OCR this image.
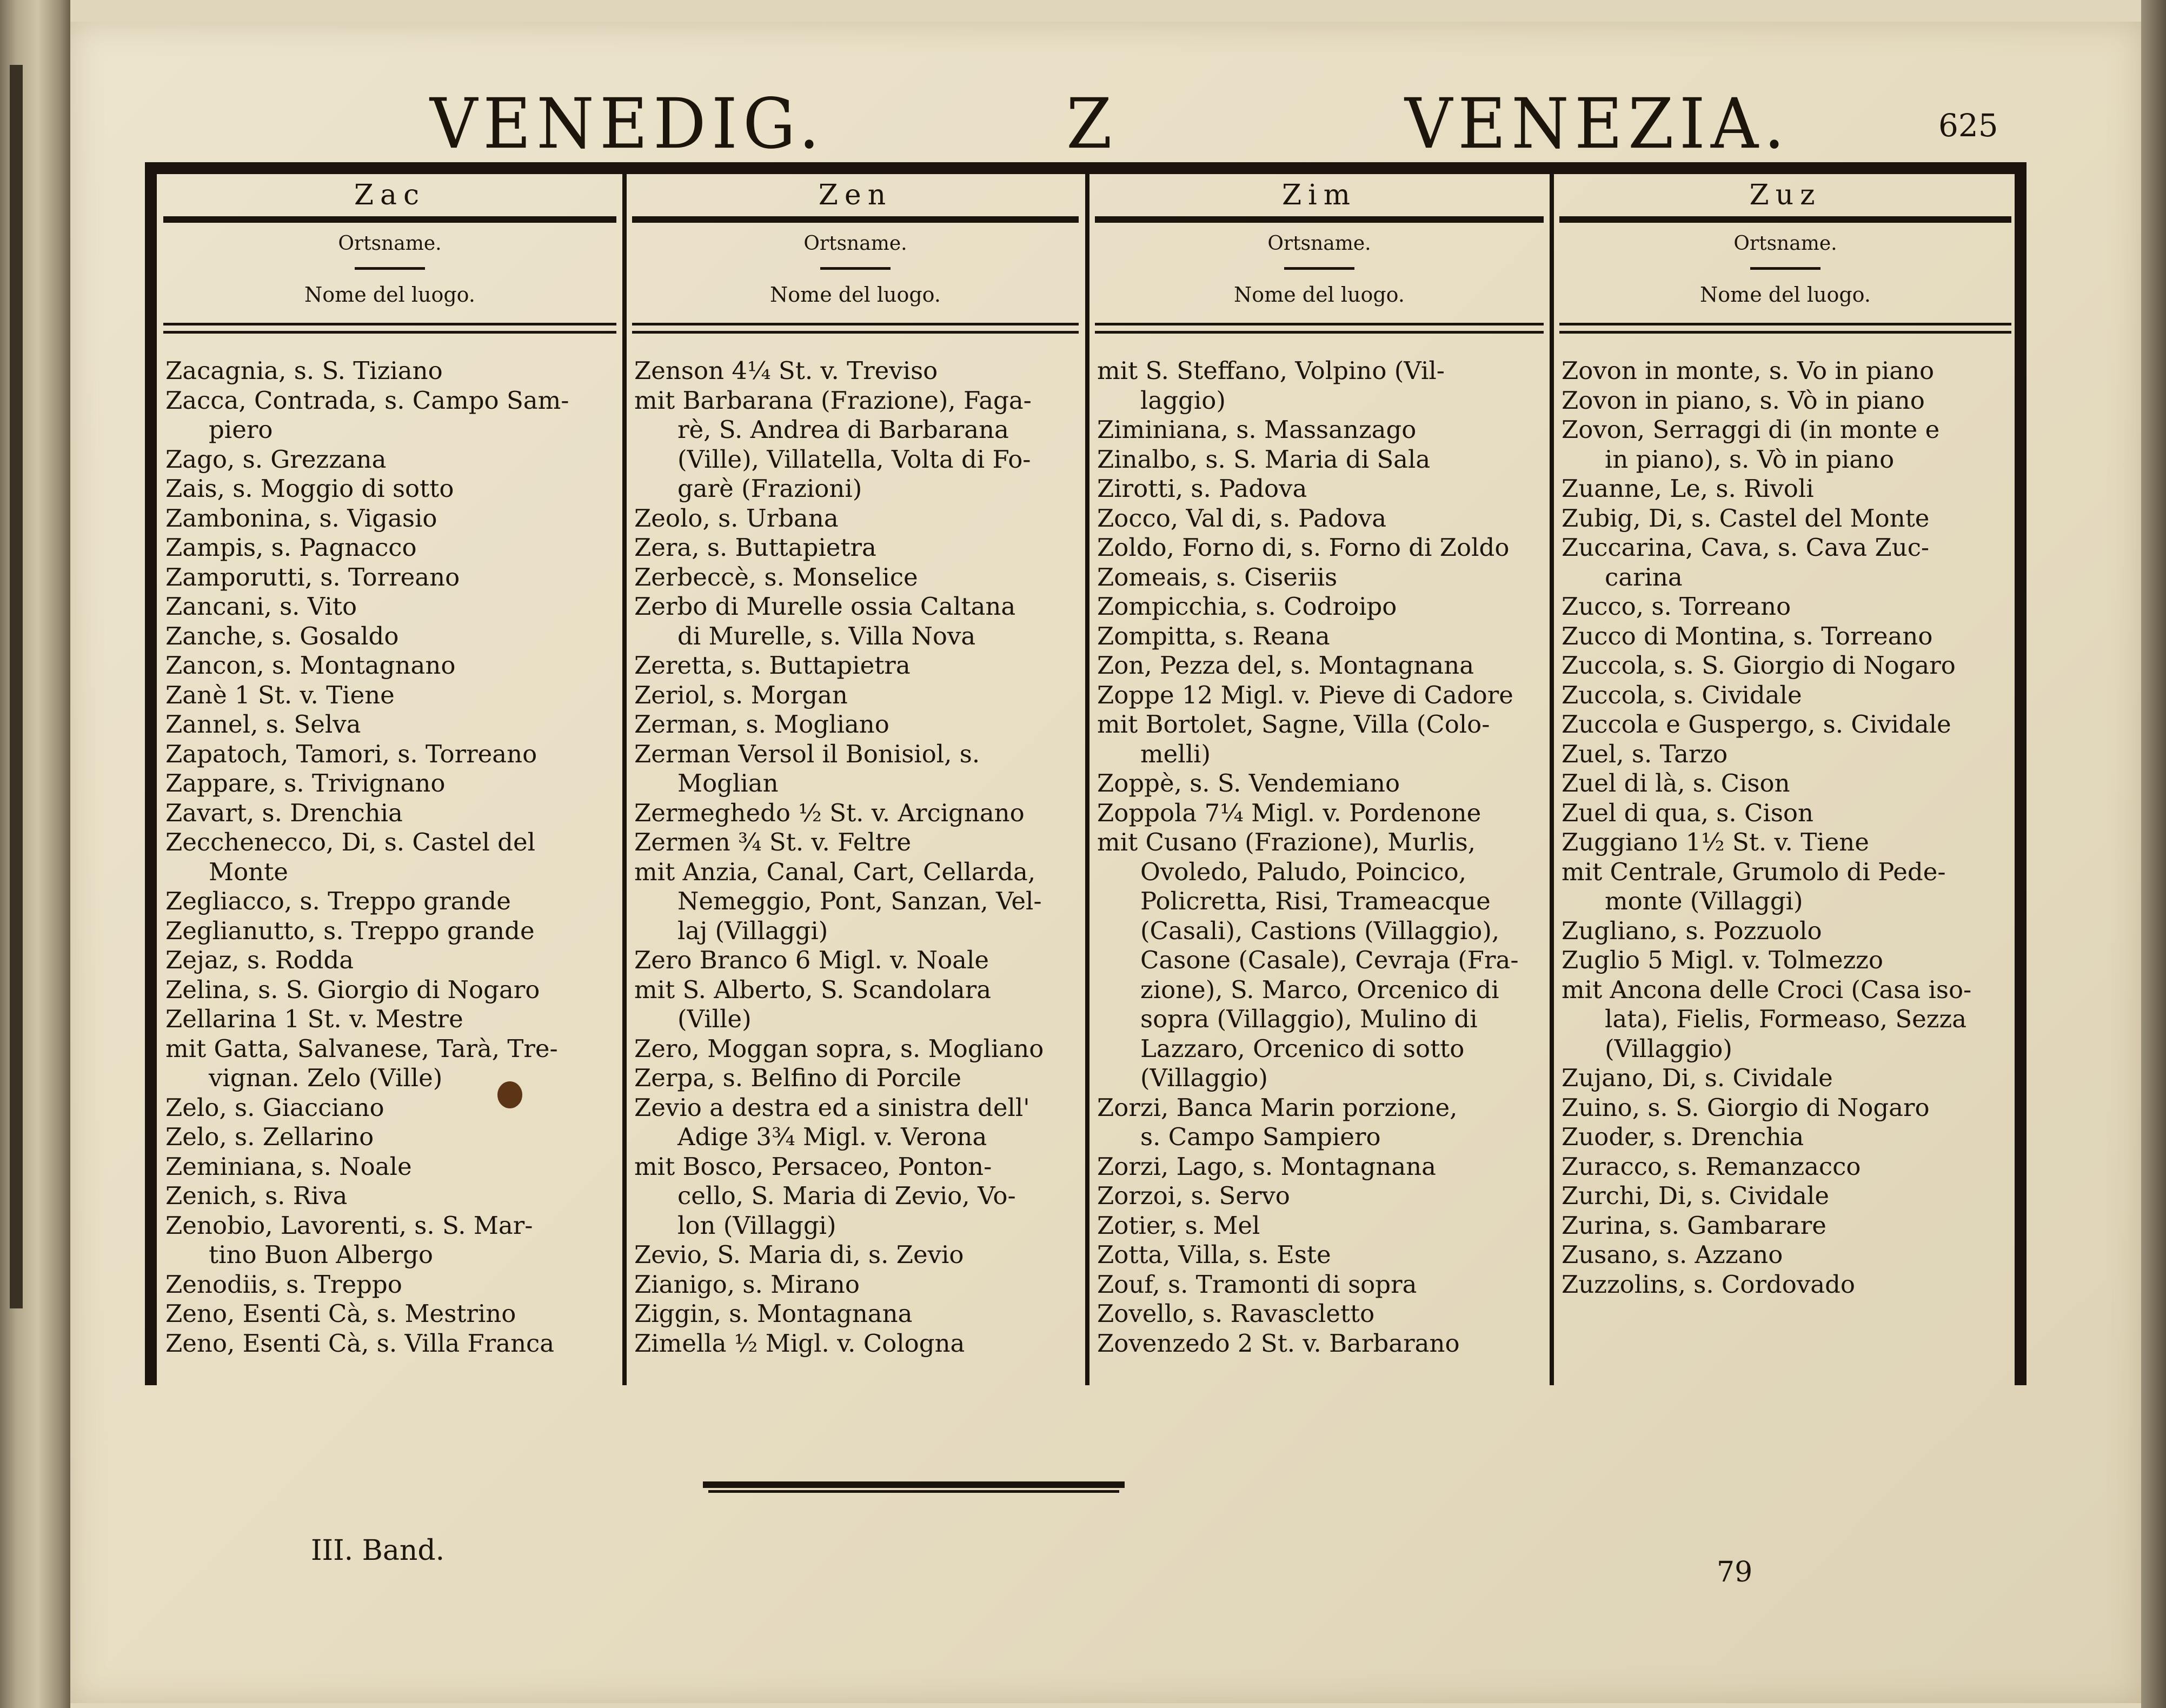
VENEDIG.	Z	VENEZIA.	625
Zac
Ortsname.
Nome del luogo.
Zacagnia, s. S. Tiziano
Zacca, Contrada, s. Campo Sam-
piero
Zago, s. Grezzana
Zais, s. Moggio di sotto
Zambonina, s. Vigasio
Zampis, s. Pagnacco
Zamporutti, s. Torreano
Zancani, s. Vito
Zanche, s. Gosaldo
Zancon, s. Montagnano
Zanè 1 St. v. Tiene
Zannel, s. Selva
Zapatoch, Tamori, s. Torreano
Zappare, s. Trivignano
Zavart, s. Drenchia
Zecchenecco, Di, s. Castel del
Monte
Zegliacco, s. Treppo grande
Zeglianutto, s. Treppo grande
Zejaz, s. Rodda
Zelina, s. S. Giorgio di Nogaro
Zellarina 1 St. v. Mestre
mit Gatta, Salvanese, Tarà, Tre-
vignan. Zelo (Ville)
Zelo, s. Giacciano
Zelo, s. Zellarino
Zeminiana, s. Noale
Zenich, s. Riva
Zenobio, Lavorenti, s. S. Mar-
tino Buon Albergo
Zenodiis, s. Treppo
Zeno, Esenti Cà, s. Mestrino
Zeno, Esenti Cà, s. Villa Franca
Zen
Ortsname.
Nome del luogo.
Zenson 4¼ St. v. Treviso
mit Barbarana (Frazione), Faga-
rè, S. Andrea di Barbarana
(Ville), Villatella, Volta di Fo-
garè (Frazioni)
Zeolo, s. Urbana
Zera, s. Buttapietra
Zerbeccè, s. Monselice
Zerbo di Murelle ossia Caltana
di Murelle, s. Villa Nova
Zeretta, s. Buttapietra
Zeriol, s. Morgan
Zerman, s. Mogliano
Zerman Versol il Bonisiol, s.
Moglian
Zermeghedo ½ St. v. Arcignano
Zermen ¾ St. v. Feltre
mit Anzia, Canal, Cart, Cellarda,
Nemeggio, Pont, Sanzan, Vel-
laj (Villaggi)
Zero Branco 6 Migl. v. Noale
mit S. Alberto, S. Scandolara
(Ville)
Zero, Moggan sopra, s. Mogliano
Zerpa, s. Belfino di Porcile
Zevio a destra ed a sinistra dell'
Adige 3¾ Migl. v. Verona
mit Bosco, Persaceo, Ponton-
cello, S. Maria di Zevio, Vo-
lon (Villaggi)
Zevio, S. Maria di, s. Zevio
Zianigo, s. Mirano
Ziggin, s. Montagnana
Zimella ½ Migl. v. Cologna
Zim
Ortsname.
Nome del luogo.
mit S. Steffano, Volpino (Vil-
laggio)
Ziminiana, s. Massanzago
Zinalbo, s. S. Maria di Sala
Zirotti, s. Padova
Zocco, Val di, s. Padova
Zoldo, Forno di, s. Forno di Zoldo
Zomeais, s. Ciseriis
Zompicchia, s. Codroipo
Zompitta, s. Reana
Zon, Pezza del, s. Montagnana
Zoppe 12 Migl. v. Pieve di Cadore
mit Bortolet, Sagne, Villa (Colo-
melli)
Zoppè, s. S. Vendemiano
Zoppola 7¼ Migl. v. Pordenone
mit Cusano (Frazione), Murlis,
Ovoledo, Paludo, Poincico,
Policretta, Risi, Trameacque
(Casali), Castions (Villaggio),
Casone (Casale), Cevraja (Fra-
zione), S. Marco, Orcenico di
sopra (Villaggio), Mulino di
Lazzaro, Orcenico di sotto
(Villaggio)
Zorzi, Banca Marin porzione,
s. Campo Sampiero
Zorzi, Lago, s. Montagnana
Zorzoi, s. Servo
Zotier, s. Mel
Zotta, Villa, s. Este
Zouf, s. Tramonti di sopra
Zovello, s. Ravascletto
Zovenzedo 2 St. v. Barbarano
Zuz
Ortsname.
Nome del luogo.
Zovon in monte, s. Vo in piano
Zovon in piano, s. Vò in piano
Zovon, Serraggi di (in monte e
in piano), s. Vò in piano
Zuanne, Le, s. Rivoli
Zubig, Di, s. Castel del Monte
Zuccarina, Cava, s. Cava Zuc-
carina
Zucco, s. Torreano
Zucco di Montina, s. Torreano
Zuccola, s. S. Giorgio di Nogaro
Zuccola, s. Cividale
Zuccola e Guspergo, s. Cividale
Zuel, s. Tarzo
Zuel di là, s. Cison
Zuel di qua, s. Cison
Zuggiano 1½ St. v. Tiene
mit Centrale, Grumolo di Pede-
monte (Villaggi)
Zugliano, s. Pozzuolo
Zuglio 5 Migl. v. Tolmezzo
mit Ancona delle Croci (Casa iso-
lata), Fielis, Formeaso, Sezza
(Villaggio)
Zujano, Di, s. Cividale
Zuino, s. S. Giorgio di Nogaro
Zuoder, s. Drenchia
Zuracco, s. Remanzacco
Zurchi, Di, s. Cividale
Zurina, s. Gambarare
Zusano, s. Azzano
Zuzzolins, s. Cordovado
III. Band.
79
